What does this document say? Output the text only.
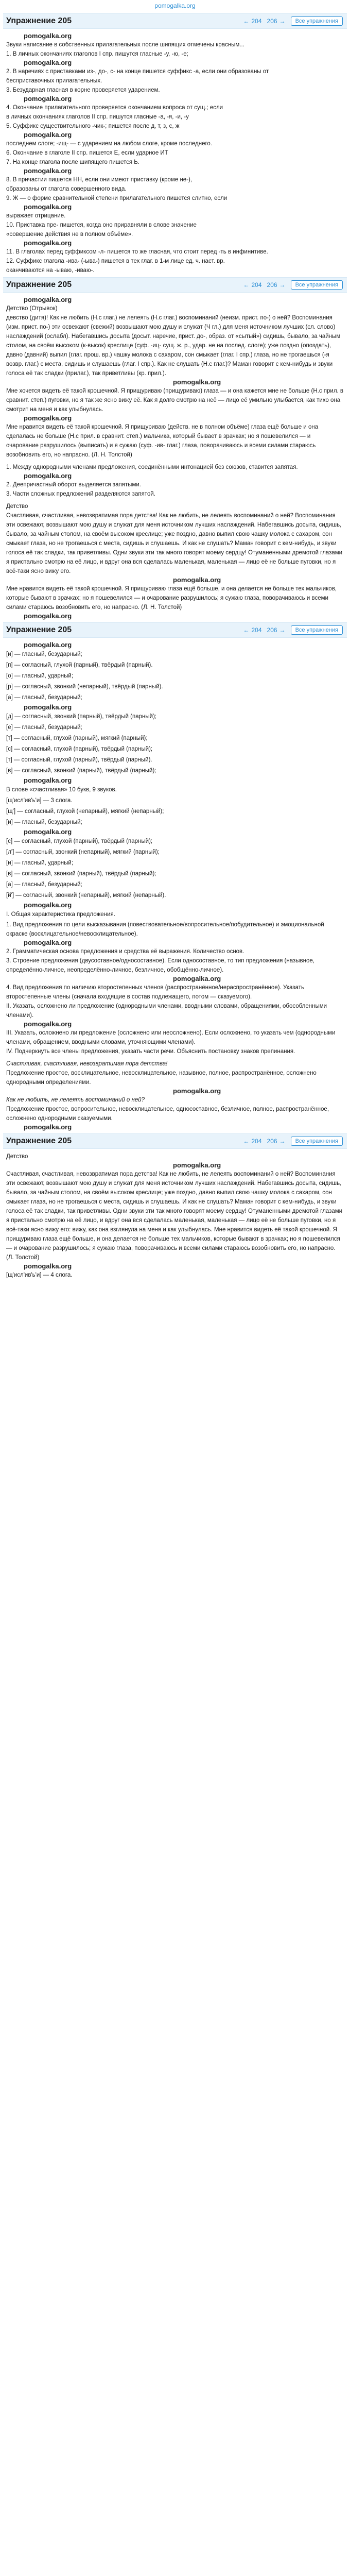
pomogalka.org
Упражнение 205	← 204 206 →	Все упражнения
pomogalka.org

Звуки написание в собственных прилагательных после шипящих отмечены красным...

1. В личных окончаниях глаголов I спр. пишутся гласные -у, -ю, -е;

pomogalka.org

2. В наречиях с приставками из-, до-, с- на конце пишется суффикс -а, если они образованы от

бесприставочных прилагательных.

3. Безударная гласная в корне проверяется ударением.

pomogalka.org

4. Окончание прилагательного проверяется окончанием вопроса от сущ.; если

в личных окончаниях глаголов II спр. пишутся гласные -а, -я, -и, -у

5. Суффикс существительного -чик-; пишется после д, т, з, с, ж

pomogalka.org

последнем слоге; -ищ- — с ударением на любом слоге, кроме последнего.

6. Окончание в глаголе II спр. пишется Е, если ударное ИТ

7. На конце глагола после шипящего пишется Ь.

pomogalka.org

8. В причастии пишется НН, если они имеют приставку (кроме не-),

образованы от глагола совершенного вида.

9. Ж — о форме сравнительной степени прилагательного пишется слитно, если

pomogalka.org

выражает отрицание.

10. Приставка пре- пишется, когда оно приравняли в слове значение

«совершение действия не в полном объёме».

pomogalka.org

11. В глаголах перед суффиксом -л- пишется то же гласная, что стоит перед -ть в инфинитиве.

12. Суффикс глагола -ива- (-ыва-) пишется в тех глаг. в 1-м лице ед. ч. наст. вр.

оканчиваются на -ываю, -иваю-.

Упражнение 205	← 204 206 →	Все упражнения
pomogalka.org

Детство (Отрывок)

девство (дитя)! Как не любить (Н.с глаг.) не лелеять (Н.с глаг.) воспоминаний (неизм. прист. по-) о ней? Воспоминания (изм. прист. по-) эти освежают (свежий) возвышают мою душу и служат (Ч гл.) для меня источником лучших (сл. слово) наслаждений (ослабл). Набегавшись досыта (досыт. наречие, прист. до-, образ. от «сытый») сидишь, бывало, за чайным столом, на своём высоком (к-высок) креслице (суф. -иц- сущ. ж. р., удар. не на послед. слоге); уже поздно (опоздать), давно (давний) выпил (глаг. прош. вр.) чашку молока с сахаром, сон смыкает (глаг. I спр.) глаза, но не трогаешься (-я возвр. глаг.) с места, сидишь и слушаешь (глаг. I спр.). Как не слушать (Н.с глаг.)? Маман говорит с кем-нибудь и звуки голоса её так сладки (прилаг.), так приветливы (кр. прил.).

pomogalka.org

Мне хочется видеть её такой крошечной. Я прищуриваю (прищуриваю) глаза — и она кажется мне не больше (Н.с прил. в сравнит. степ.) пуговки, но я так же ясно вижу её. Как я долго смотрю на неё — лицо её умильно улыбается, как тихо она смотрит на меня и как улыбнулась.

pomogalka.org

Мне нравится видеть её такой крошечной. Я прищуриваю (действ. не в полном объёме) глаза ещё больше и она сделалась не больше (Н.с прил. в сравнит. степ.) мальчика, который бывает в зрачках; но я пошевелился — и очарование разрушилось (выписать) и я сужаю (суф. -ив- глаг.) глаза, поворачиваюсь и всеми силами стараюсь возобновить его, но напрасно. (Л. Н. Толстой)

1. Между однородными членами предложения, соединёнными интонацией без союзов, ставится запятая.

pomogalka.org

2. Деепричастный оборот выделяется запятыми.

3. Части сложных предложений разделяются запятой.

Детство

Счастливая, счастливая, невозвратимая пора детства! Как не любить, не лелеять воспоминаний о ней? Воспоминания эти освежают, возвышают мою душу и служат для меня источником лучших наслаждений. Набегавшись досыта, сидишь, бывало, за чайным столом, на своём высоком креслице; уже поздно, давно выпил свою чашку молока с сахаром, сон смыкает глаза, но не трогаешься с места, сидишь и слушаешь. И как не слушать? Маман говорит с кем-нибудь, и звуки голоса её так сладки, так приветливы. Одни звуки эти так много говорят моему сердцу! Отуманенными дремотой глазами я пристально смотрю на её лицо, и вдруг она вся сделалась маленькая, маленькая — лицо её не больше пуговки, но я всё-таки ясно вижу его.

pomogalka.org

Мне нравится видеть её такой крошечной. Я прищуриваю глаза ещё больше, и она делается не больше тех мальчиков, которые бывают в зрачках; но я пошевелился — и очарование разрушилось; я сужаю глаза, поворачиваюсь и всеми силами стараюсь возобновить его, но напрасно. (Л. Н. Толстой)

pomogalka.org
Упражнение 205	← 204 206 →	Все упражнения
pomogalka.org
[и] — гласный, безударный;
[п] — согласный, глухой (парный), твёрдый (парный).
[о] — гласный, ударный;
[р] — согласный, звонкий (непарный), твёрдый (парный).
[а] — гласный, безударный;
pomogalka.org
[д] — согласный, звонкий (парный), твёрдый (парный);
[е] — гласный, безударный;
[т] — согласный, глухой (парный), мягкий (парный);
[с] — согласный, глухой (парный), твёрдый (парный);
[т] — согласный, глухой (парный), твёрдый (парный).
[в] — согласный, звонкий (парный), твёрдый (парный);
pomogalka.org
В слове «счастливая» 10 букв, 9 звуков.
[щ'исл'ив'ь'и] — 3 слога.
[щ'] — согласный, глухой (непарный), мягкий (непарный);
[и] — гласный, безударный;
pomogalka.org
[с] — согласный, глухой (парный), твёрдый (парный);
[л'] — согласный, звонкий (непарный), мягкий (парный);
[и] — гласный, ударный;
[в] — согласный, звонкий (парный), твёрдый (парный);
[а] — гласный, безударный;
[й'] — согласный, звонкий (непарный), мягкий (непарный).
pomogalka.org
I. Общая характеристика предложения.

1. Вид предложения по цели высказывания (повествовательное/вопросительное/побудительное) и эмоциональной окраске (восклицательное/невосклицательное).

pomogalka.org

2. Грамматическая основа предложения и средства её выражения. Количество основ.

3. Строение предложения (двусоставное/односоставное). Если односоставное, то тип предложения (назывное, определённо-личное, неопределённо-личное, безличное, обобщённо-личное).

pomogalka.org

4. Вид предложения по наличию второстепенных членов (распространённое/нераспространённое). Указать второстепенные члены (сначала входящие в состав подлежащего, потом — сказуемого).

II. Указать, осложнено ли предложение (однородными членами, вводными словами, обращениями, обособленными членами).

pomogalka.org

III. Указать, осложнено ли предложение (осложнено или неосложнено). Если осложнено, то указать чем (однородными членами, обращением, вводными словами, уточняющими членами).

IV. Подчеркнуть все члены предложения, указать части речи. Объяснить постановку знаков препинания.

Счастливая, счастливая, невозвратимая пора детства!

Предложение простое, восклицательное, невосклицательное, назывное, полное, распространённое, осложнено однородными определениями.

pomogalka.org

Как не любить, не лелеять воспоминаний о ней?

Предложение простое, вопросительное, невосклицательное, односоставное, безличное, полное, распространённое, осложнено однородными сказуемыми.

pomogalka.org
Упражнение 205	← 204 206 →	Все упражнения

Детство

pomogalka.org

Счастливая, счастливая, невозвратимая пора детства! Как не любить, не лелеять воспоминаний о ней? Воспоминания эти освежают, возвышают мою душу и служат для меня источником лучших наслаждений. Набегавшись досыта, сидишь, бывало, за чайным столом, на своём высоком креслице; уже поздно, давно выпил свою чашку молока с сахаром, сон смыкает глаза, но не трогаешься с места, сидишь и слушаешь. И как не слушать? Маман говорит с кем-нибудь, и звуки голоса её так сладки, так приветливы. Одни звуки эти так много говорят моему сердцу! Отуманенными дремотой глазами я пристально смотрю на её лицо, и вдруг она вся сделалась маленькая, маленькая — лицо её не больше пуговки, но я всё-таки ясно вижу его: вижу, как она взглянула на меня и как улыбнулась. Мне нравится видеть её такой крошечной. Я прищуриваю глаза ещё больше, и она делается не больше тех мальчиков, которые бывают в зрачках; но я пошевелился — и очарование разрушилось; я сужаю глаза, поворачиваюсь и всеми силами стараюсь возобновить его, но напрасно. (Л. Толстой)

pomogalka.org

[щ'исл'ив'ь'и] — 4 слога.
